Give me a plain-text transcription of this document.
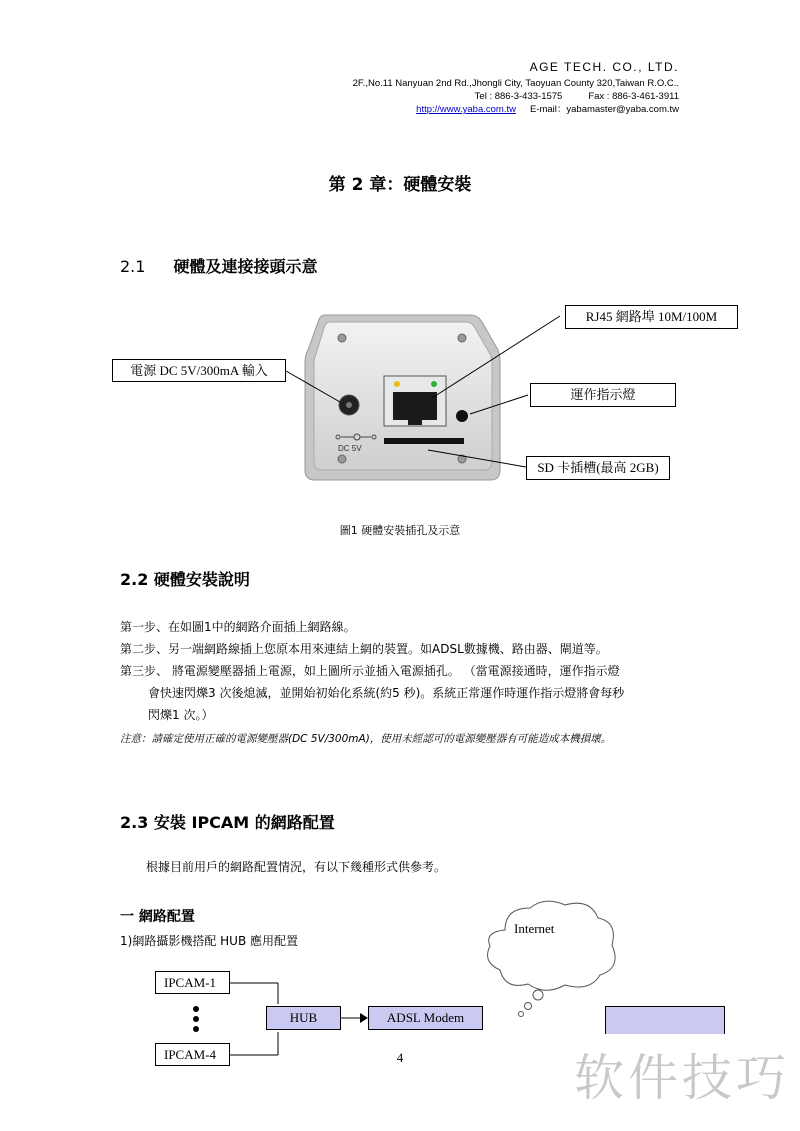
AGE TECH. CO., LTD.
2F.,No.11 Nanyuan 2nd Rd.,Jhongli City, Taoyuan County 320,Taiwan R.O.C..
Tel : 886-3-433-1575	Fax : 886-3-461-3911
http://www.yaba.com.tw E-mail：yabamaster@yaba.com.tw
第 2 章：硬體安裝
2.1 硬體及連接接頭示意
DC 5V
Internet
RJ45 網路埠 10M/100M
電源 DC 5V/300mA 輸入
運作指示燈
SD 卡插槽(最高 2GB)
圖1 硬體安裝插孔及示意
2.2 硬體安裝說明
第一步、在如圖1中的網路介面插上網路線。
第二步、另一端網路線插上您原本用來連結上網的裝置。如ADSL數據機、路由器、閘道等。
第三步、 將電源變壓器插上電源，如上圖所示並插入電源插孔。 （當電源接通時，運作指示燈
會快速閃爍3 次後熄滅，並開始初始化系統(約5 秒)。系統正常運作時運作指示燈將會每秒
閃爍1 次。）
注意：請確定使用正確的電源變壓器(DC 5V/300mA)，使用未經認可的電源變壓器有可能造成本機損壞。
2.3 安裝 IPCAM 的網路配置
根據目前用戶的網路配置情況，有以下幾種形式供參考。
一 網路配置
1)網路攝影機搭配 HUB 應用配置
IPCAM-1
IPCAM-4
HUB	ADSL Modem
4	软件技巧
